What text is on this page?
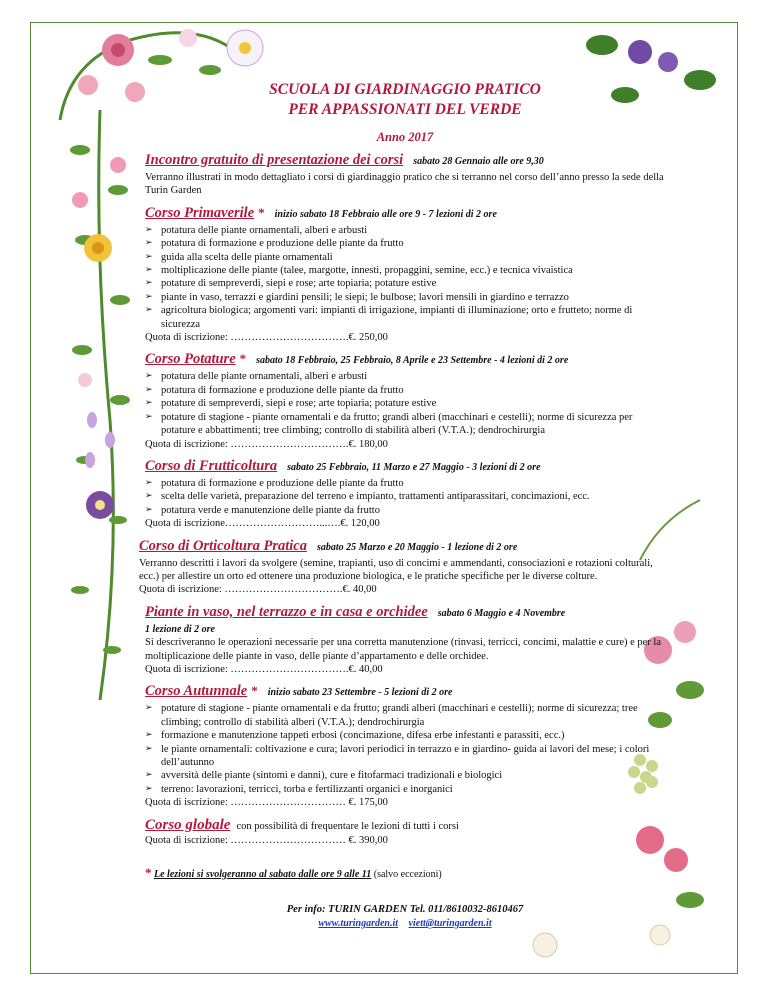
SCUOLA DI GIARDINAGGIO PRATICO

PER APPASSIONATI DEL VERDE

Anno 2017
Incontro gratuito di presentazione dei corsi sabato 28 Gennaio alle ore 9,30

Verranno illustrati in modo dettagliato i corsi di giardinaggio pratico che si terranno nel corso dell’anno presso la sede della Turin Garden

Corso Primaverile * inizio sabato 18 Febbraio alle ore 9 - 7 lezioni di 2 ore
➢ potatura delle piante ornamentali, alberi e arbusti
➢ potatura di formazione e produzione delle piante da frutto
➢ guida alla scelta delle piante ornamentali
➢ moltiplicazione delle piante (talee, margotte, innesti, propaggini, semine, ecc.) e tecnica vivaistica
➢ potature di sempreverdi, siepi e rose; arte topiaria; potature estive
➢ piante in vaso, terrazzi e giardini pensili; le siepi; le bulbose; lavori mensili in giardino e terrazzo
➢ agricoltura biologica; argomenti vari: impianti di irrigazione, impianti di illuminazione; orto e frutteto; norme di sicurezza
Quota di iscrizione: …………………………….€. 250,00
Corso Potature * sabato 18 Febbraio, 25 Febbraio, 8 Aprile e 23 Settembre - 4 lezioni di 2 ore
➢ potatura delle piante ornamentali, alberi e arbusti
➢ potatura di formazione e produzione delle piante da frutto
➢ potature di sempreverdi, siepi e rose; arte topiaria; potature estive
➢ potature di stagione - piante ornamentali e da frutto; grandi alberi (macchinari e cestelli); norme di sicurezza per potature e abbattimenti; tree climbing; controllo di stabilità alberi (V.T.A.); dendrochirurgia
Quota di iscrizione: …………………………….€. 180,00
Corso di Frutticoltura sabato 25 Febbraio, 11 Marzo e 27 Maggio - 3 lezioni di 2 ore
➢ potatura di formazione e produzione delle piante da frutto
➢ scelta delle varietà, preparazione del terreno e impianto, trattamenti antiparassitari, concimazioni, ecc.
➢ potatura verde e manutenzione delle piante da frutto
Quota di iscrizione………………………...….€. 120,00
Corso di Orticoltura Pratica sabato 25 Marzo e 20 Maggio - 1 lezione di 2 ore

Verranno descritti i lavori da svolgere (semine, trapianti, uso di concimi e ammendanti, consociazioni e rotazioni colturali, ecc.) per allestire un orto ed ottenere una produzione biologica, e le pratiche specifiche per le diverse colture.

Quota di iscrizione: …………………………….€. 40,00
Piante in vaso, nel terrazzo e in casa e orchidee sabato 6 Maggio e 4 Novembre
1 lezione di 2 ore

Si descriveranno le operazioni necessarie per una corretta manutenzione (rinvasi, terricci, concimi, malattie e cure) e per la moltiplicazione delle piante in vaso, delle piante d’appartamento e delle orchidee.

Quota di iscrizione: …………………………….€. 40,00
Corso Autunnale * inizio sabato 23 Settembre - 5 lezioni di 2 ore
➢ potature di stagione - piante ornamentali e da frutto; grandi alberi (macchinari e cestelli); norme di sicurezza; tree climbing; controllo di stabilità alberi (V.T.A.); dendrochirurgia
➢ formazione e manutenzione tappeti erbosi (concimazione, difesa erbe infestanti e parassiti, ecc.)
➢ le piante ornamentali: coltivazione e cura; lavori periodici in terrazzo e in giardino- guida ai lavori del mese; i colori dell’autunno
➢ avversità delle piante (sintomi e danni), cure e fitofarmaci tradizionali e biologici
➢ terreno: lavorazioni, terricci, torba e fertilizzanti organici e inorganici
Quota di iscrizione: …………………………… €. 175,00
Corso globale con possibilità di frequentare le lezioni di tutti i corsi
Quota di iscrizione: …………………………… €. 390,00
* Le lezioni si svolgeranno al sabato dalle ore 9 alle 11 (salvo eccezioni)
Per info: TURIN GARDEN Tel. 011/8610032-8610467
www.turingarden.it viett@turingarden.it
